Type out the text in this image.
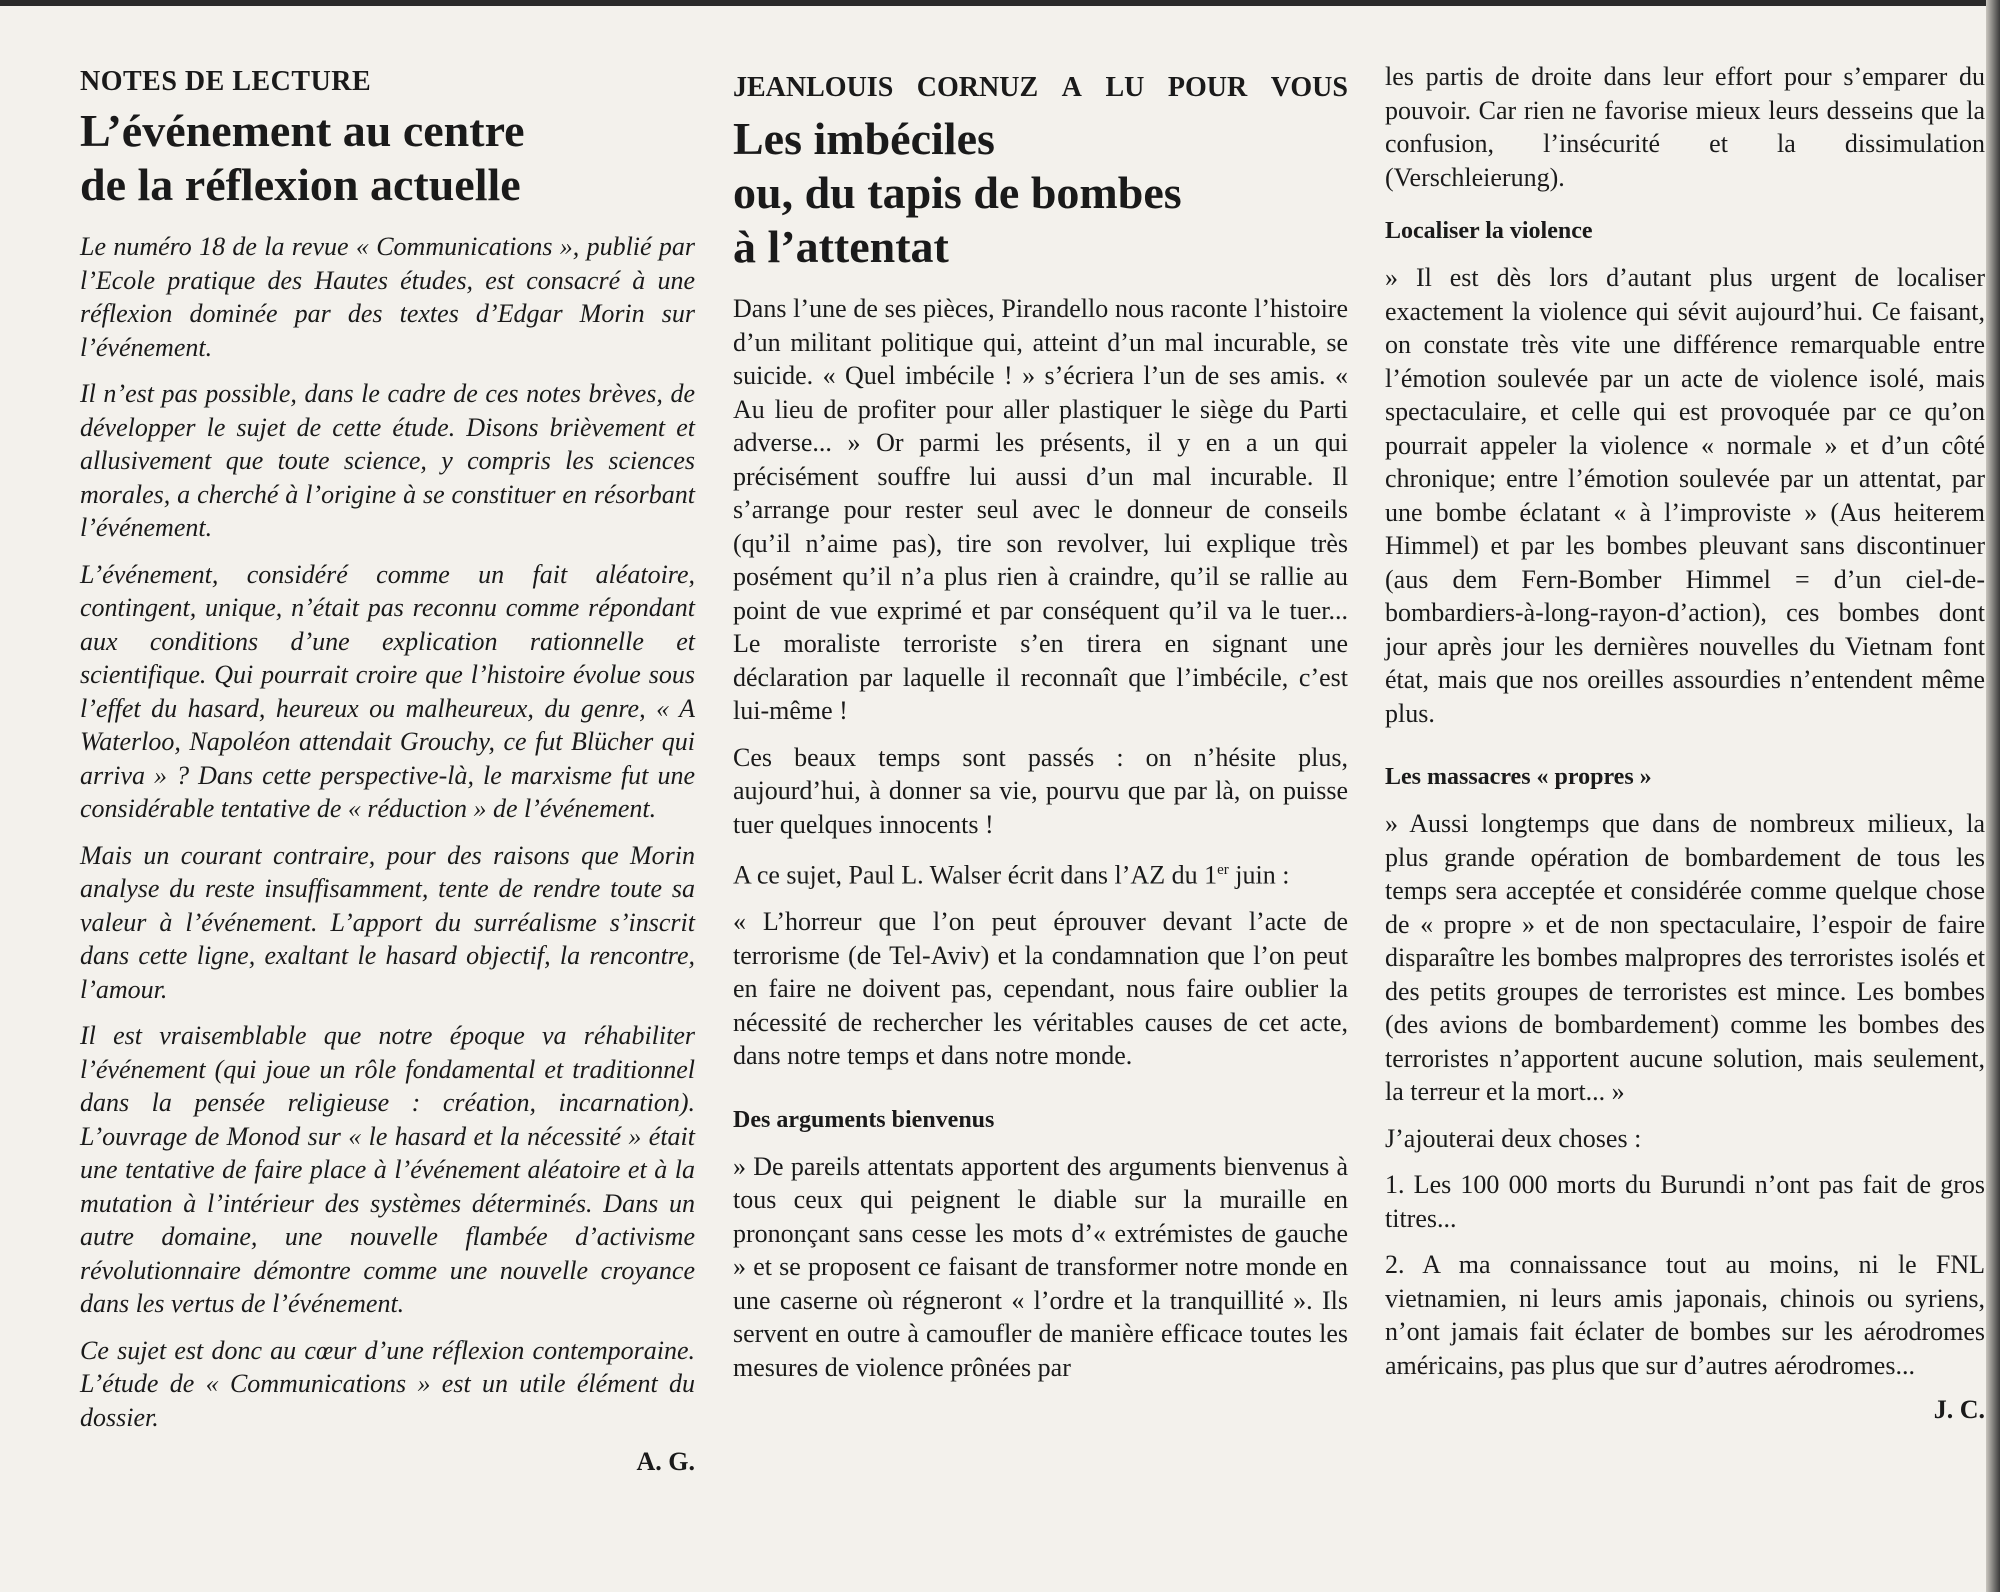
NOTES DE LECTURE
L’événement au centre
de la réflexion actuelle

Le numéro 18 de la revue « Communications », publié par l’Ecole pratique des Hautes études, est consacré à une réflexion dominée par des textes d’Edgar Morin sur l’événement.

Il n’est pas possible, dans le cadre de ces notes brèves, de développer le sujet de cette étude. Disons brièvement et allusivement que toute science, y compris les sciences morales, a cherché à l’origine à se constituer en résorbant l’événement.

L’événement, considéré comme un fait aléatoire, contingent, unique, n’était pas reconnu comme répondant aux conditions d’une explication rationnelle et scientifique. Qui pourrait croire que l’histoire évolue sous l’effet du hasard, heureux ou malheureux, du genre, « A Waterloo, Napoléon attendait Grouchy, ce fut Blücher qui arriva » ? Dans cette perspective-là, le marxisme fut une considérable tentative de « réduction » de l’événement.

Mais un courant contraire, pour des raisons que Morin analyse du reste insuffisamment, tente de rendre toute sa valeur à l’événement. L’apport du surréalisme s’inscrit dans cette ligne, exaltant le hasard objectif, la rencontre, l’amour.

Il est vraisemblable que notre époque va réhabiliter l’événement (qui joue un rôle fondamental et traditionnel dans la pensée religieuse : création, incarnation). L’ouvrage de Monod sur « le hasard et la nécessité » était une tentative de faire place à l’événement aléatoire et à la mutation à l’intérieur des systèmes déterminés. Dans un autre domaine, une nouvelle flambée d’activisme révolutionnaire démontre comme une nouvelle croyance dans les vertus de l’événement.

Ce sujet est donc au cœur d’une réflexion contemporaine. L’étude de « Communications » est un utile élément du dossier.

A. G.
JEANLOUIS CORNUZ A LU POUR VOUS
Les imbéciles
ou, du tapis de bombes
à l’attentat

Dans l’une de ses pièces, Pirandello nous raconte l’histoire d’un militant politique qui, atteint d’un mal incurable, se suicide. « Quel imbécile ! » s’écriera l’un de ses amis. « Au lieu de profiter pour aller plastiquer le siège du Parti adverse... » Or parmi les présents, il y en a un qui précisément souffre lui aussi d’un mal incurable. Il s’arrange pour rester seul avec le donneur de conseils (qu’il n’aime pas), tire son revolver, lui explique très posément qu’il n’a plus rien à craindre, qu’il se rallie au point de vue exprimé et par conséquent qu’il va le tuer... Le moraliste terroriste s’en tirera en signant une déclaration par laquelle il reconnaît que l’imbécile, c’est lui-même !

Ces beaux temps sont passés : on n’hésite plus, aujourd’hui, à donner sa vie, pourvu que par là, on puisse tuer quelques innocents !

A ce sujet, Paul L. Walser écrit dans l’AZ du 1er juin :

« L’horreur que l’on peut éprouver devant l’acte de terrorisme (de Tel-Aviv) et la condamnation que l’on peut en faire ne doivent pas, cependant, nous faire oublier la nécessité de rechercher les véritables causes de cet acte, dans notre temps et dans notre monde.

Des arguments bienvenus

» De pareils attentats apportent des arguments bienvenus à tous ceux qui peignent le diable sur la muraille en prononçant sans cesse les mots d’« extrémistes de gauche » et se proposent ce faisant de transformer notre monde en une caserne où régneront « l’ordre et la tranquillité ». Ils servent en outre à camoufler de manière efficace toutes les mesures de violence prônées par

les partis de droite dans leur effort pour s’emparer du pouvoir. Car rien ne favorise mieux leurs desseins que la confusion, l’insécurité et la dissimulation (Verschleierung).

Localiser la violence

» Il est dès lors d’autant plus urgent de localiser exactement la violence qui sévit aujourd’hui. Ce faisant, on constate très vite une différence remarquable entre l’émotion soulevée par un acte de violence isolé, mais spectaculaire, et celle qui est provoquée par ce qu’on pourrait appeler la violence « normale » et d’un côté chronique; entre l’émotion soulevée par un attentat, par une bombe éclatant « à l’improviste » (Aus heiterem Himmel) et par les bombes pleuvant sans discontinuer (aus dem Fern-Bomber Himmel = d’un ciel-de-bombardiers-à-long-rayon-d’action), ces bombes dont jour après jour les dernières nouvelles du Vietnam font état, mais que nos oreilles assourdies n’entendent même plus.

Les massacres « propres »

» Aussi longtemps que dans de nombreux milieux, la plus grande opération de bombardement de tous les temps sera acceptée et considérée comme quelque chose de « propre » et de non spectaculaire, l’espoir de faire disparaître les bombes malpropres des terroristes isolés et des petits groupes de terroristes est mince. Les bombes (des avions de bombardement) comme les bombes des terroristes n’apportent aucune solution, mais seulement, la terreur et la mort... »

J’ajouterai deux choses :

1. Les 100 000 morts du Burundi n’ont pas fait de gros titres...

2. A ma connaissance tout au moins, ni le FNL vietnamien, ni leurs amis japonais, chinois ou syriens, n’ont jamais fait éclater de bombes sur les aérodromes américains, pas plus que sur d’autres aérodromes...

J. C.
